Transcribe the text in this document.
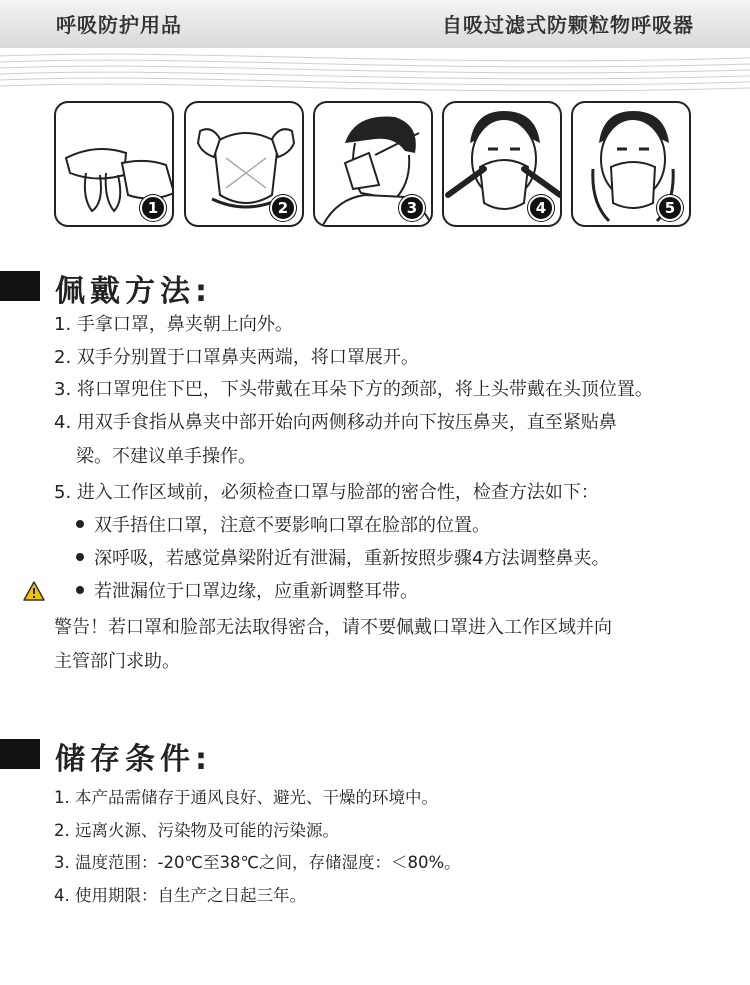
呼吸防护用品	自吸过滤式防颗粒物呼吸器
1	2	3	4	5
佩戴方法:
1. 手拿口罩，鼻夹朝上向外。
2. 双手分别置于口罩鼻夹两端，将口罩展开。
3. 将口罩兜住下巴，下头带戴在耳朵下方的颈部，将上头带戴在头顶位置。
4. 用双手食指从鼻夹中部开始向两侧移动并向下按压鼻夹，直至紧贴鼻
梁。不建议单手操作。
5. 进入工作区域前，必须检查口罩与脸部的密合性，检查方法如下：
双手捂住口罩，注意不要影响口罩在脸部的位置。
深呼吸，若感觉鼻梁附近有泄漏，重新按照步骤4方法调整鼻夹。
若泄漏位于口罩边缘，应重新调整耳带。
警告！若口罩和脸部无法取得密合，请不要佩戴口罩进入工作区域并向
主管部门求助。
储存条件:
1. 本产品需储存于通风良好、避光、干燥的环境中。
2. 远离火源、污染物及可能的污染源。
3. 温度范围：-20℃至38℃之间，存储湿度：＜80%。
4. 使用期限：自生产之日起三年。
